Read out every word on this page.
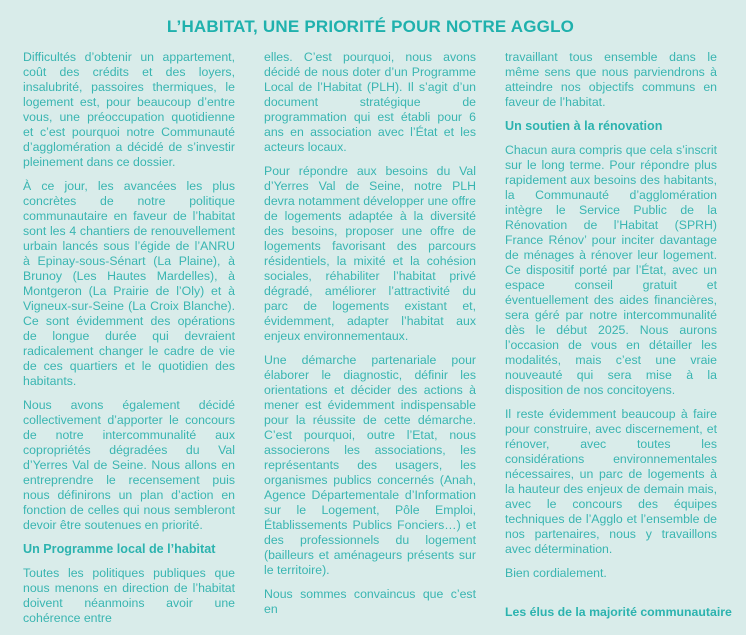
L’HABITAT, UNE PRIORITÉ POUR NOTRE AGGLO

Difficultés d’obtenir un appartement, coût des crédits et des loyers, insalubrité, passoires thermiques, le logement est, pour beaucoup d’entre vous, une préoccupation quotidienne et c’est pourquoi notre Communauté d’agglomération a décidé de s’investir pleinement dans ce dossier.

À ce jour, les avancées les plus concrètes de notre politique communautaire en faveur de l’habitat sont les 4 chantiers de renouvellement urbain lancés sous l’égide de l’ANRU à Epinay-sous-Sénart (La Plaine), à Brunoy (Les Hautes Mardelles), à Montgeron (La Prairie de l’Oly) et à Vigneux-sur-Seine (La Croix Blanche). Ce sont évidemment des opérations de longue durée qui devraient radicalement changer le cadre de vie de ces quartiers et le quotidien des habitants.

Nous avons également décidé collectivement d’apporter le concours de notre intercommunalité aux copropriétés dégradées du Val d’Yerres Val de Seine. Nous allons en entreprendre le recensement puis nous définirons un plan d’action en fonction de celles qui nous sembleront devoir être soutenues en priorité.

Un Programme local de l’habitat

Toutes les politiques publiques que nous menons en direction de l’habitat doivent néanmoins avoir une cohérence entre

elles. C’est pourquoi, nous avons décidé de nous doter d’un Programme Local de l’Habitat (PLH). Il s’agit d’un document stratégique de programmation qui est établi pour 6 ans en association avec l’État et les acteurs locaux.

Pour répondre aux besoins du Val d’Yerres Val de Seine, notre PLH devra notamment développer une offre de logements adaptée à la diversité des besoins, proposer une offre de logements favorisant des parcours résidentiels, la mixité et la cohésion sociales, réhabiliter l’habitat privé dégradé, améliorer l’attractivité du parc de logements existant et, évidemment, adapter l’habitat aux enjeux environnementaux.

Une démarche partenariale pour élaborer le diagnostic, définir les orientations et décider des actions à mener est évidemment indispensable pour la réussite de cette démarche. C’est pourquoi, outre l’Etat, nous associerons les associations, les représentants des usagers, les organismes publics concernés (Anah, Agence Départementale d’Information sur le Logement, Pôle Emploi, Établissements Publics Fonciers…) et des professionnels du logement (bailleurs et aménageurs présents sur le territoire).

Nous sommes convaincus que c’est en

travaillant tous ensemble dans le même sens que nous parviendrons à atteindre nos objectifs communs en faveur de l’habitat.

Un soutien à la rénovation

Chacun aura compris que cela s’inscrit sur le long terme. Pour répondre plus rapidement aux besoins des habitants, la Communauté d’agglomération intègre le Service Public de la Rénovation de l’Habitat (SPRH) France Rénov’ pour inciter davantage de ménages à rénover leur logement. Ce dispositif porté par l’État, avec un espace conseil gratuit et éventuellement des aides financières, sera géré par notre intercommunalité dès le début 2025. Nous aurons l’occasion de vous en détailler les modalités, mais c’est une vraie nouveauté qui sera mise à la disposition de nos concitoyens.

Il reste évidemment beaucoup à faire pour construire, avec discernement, et rénover, avec toutes les considérations environnementales nécessaires, un parc de logements à la hauteur des enjeux de demain mais, avec le concours des équipes techniques de l’Agglo et l’ensemble de nos partenaires, nous y travaillons avec détermination.

Bien cordialement.

Les élus de la majorité communautaire
